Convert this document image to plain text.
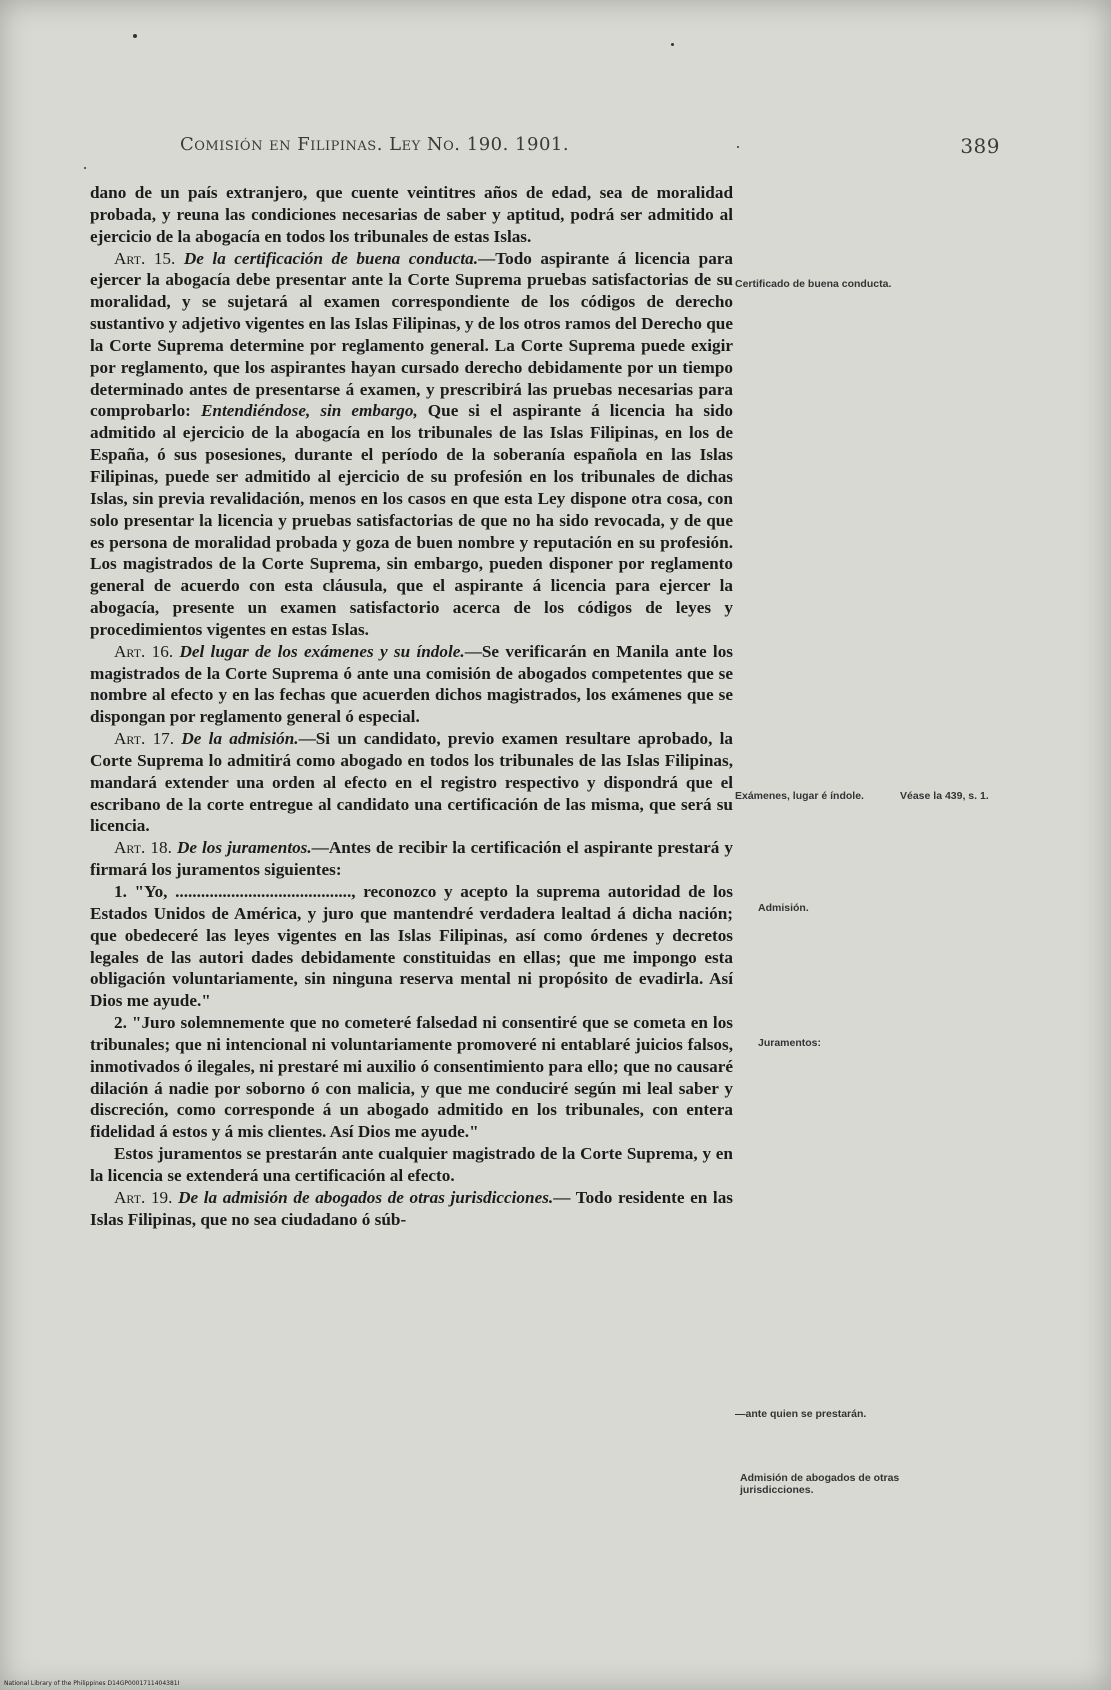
Comisión en Filipinas. Ley No. 190. 1901.	389

dano de un país extranjero, que cuente veintitres años de edad, sea de moralidad probada, y reuna las condiciones necesarias de saber y aptitud, podrá ser admitido al ejercicio de la abogacía en todos los tribunales de estas Islas.

Art. 15. De la certificación de buena conducta.—Todo aspirante á licencia para ejercer la abogacía debe presentar ante la Corte Suprema pruebas satisfactorias de su moralidad, y se sujetará al examen correspondiente de los códigos de derecho sustantivo y adjetivo vigentes en las Islas Filipinas, y de los otros ramos del Derecho que la Corte Suprema determine por reglamento general. La Corte Suprema puede exigir por reglamento, que los aspirantes hayan cursado derecho debidamente por un tiempo determinado antes de presentarse á examen, y prescribirá las pruebas necesarias para comprobarlo: Entendiéndose, sin embargo, Que si el aspirante á licencia ha sido admitido al ejercicio de la abogacía en los tribunales de las Islas Filipinas, en los de España, ó sus posesiones, durante el período de la soberanía española en las Islas Filipinas, puede ser admitido al ejercicio de su profesión en los tribunales de dichas Islas, sin previa revalidación, menos en los casos en que esta Ley dispone otra cosa, con solo presentar la licencia y pruebas satisfactorias de que no ha sido revocada, y de que es persona de moralidad probada y goza de buen nombre y reputación en su profesión. Los magistrados de la Corte Suprema, sin embargo, pueden disponer por reglamento general de acuerdo con esta cláusula, que el aspirante á licencia para ejercer la abogacía, presente un examen satisfactorio acerca de los códigos de leyes y procedimientos vigentes en estas Islas.

Art. 16. Del lugar de los exámenes y su índole.—Se verificarán en Manila ante los magistrados de la Corte Suprema ó ante una comisión de abogados competentes que se nombre al efecto y en las fechas que acuerden dichos magistrados, los exámenes que se dispongan por reglamento general ó especial.

Art. 17. De la admisión.—Si un candidato, previo examen resultare aprobado, la Corte Suprema lo admitirá como abogado en todos los tribunales de las Islas Filipinas, mandará extender una orden al efecto en el registro respectivo y dispondrá que el escribano de la corte entregue al candidato una certificación de las misma, que será su licencia.

Art. 18. De los juramentos.—Antes de recibir la certificación el aspirante prestará y firmará los juramentos siguientes:

1. "Yo, ........................................., reconozco y acepto la suprema autoridad de los Estados Unidos de América, y juro que mantendré verdadera lealtad á dicha nación; que obedeceré las leyes vigentes en las Islas Filipinas, así como órdenes y decretos legales de las autori dades debidamente constituidas en ellas; que me impongo esta obligación voluntariamente, sin ninguna reserva mental ni propósito de evadirla. Así Dios me ayude."

2. "Juro solemnemente que no cometeré falsedad ni consentiré que se cometa en los tribunales; que ni intencional ni voluntariamente promoveré ni entablaré juicios falsos, inmotivados ó ilegales, ni prestaré mi auxilio ó consentimiento para ello; que no causaré dilación á nadie por soborno ó con malicia, y que me conduciré según mi leal saber y discreción, como corresponde á un abogado admitido en los tribunales, con entera fidelidad á estos y á mis clientes. Así Dios me ayude."

Estos juramentos se prestarán ante cualquier magistrado de la Corte Suprema, y en la licencia se extenderá una certificación al efecto.

Art. 19. De la admisión de abogados de otras jurisdicciones.— Todo residente en las Islas Filipinas, que no sea ciudadano ó súb-

Certificado de buena conducta.
Exámenes, lugar é índole.	Véase la 439, s. 1.
Admisión.
Juramentos:
—ante quien se prestarán.
Admisión de abogados de otras jurisdicciones.
National Library of the Philippines D14GP0001711404381I
